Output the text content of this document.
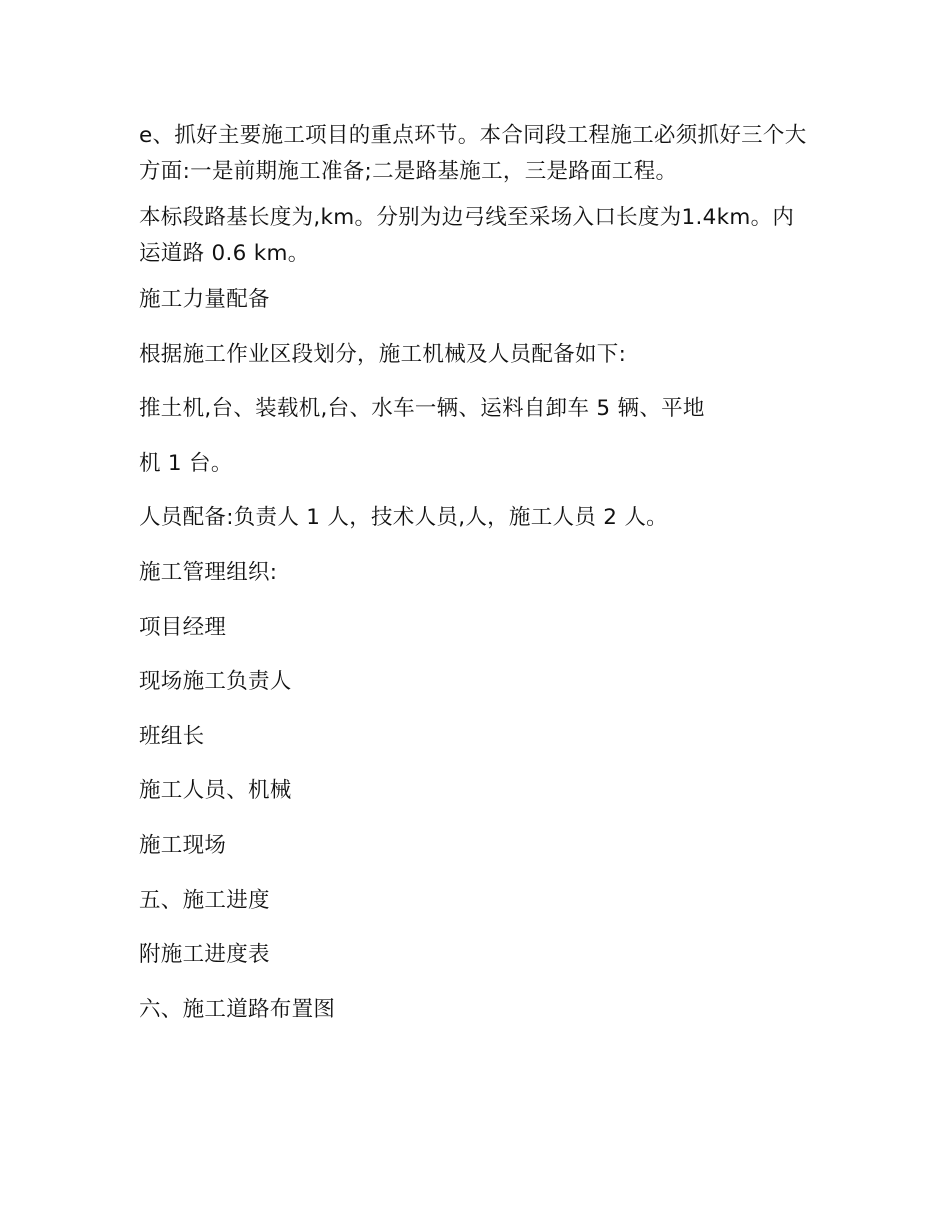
e、抓好主要施工项目的重点环节。本合同段工程施工必须抓好三个大方面:一是前期施工准备;二是路基施工，三是路面工程。

本标段路基长度为,km。分别为边弓线至采场入口长度为1.4km。内运道路 0.6 km。

施工力量配备

根据施工作业区段划分，施工机械及人员配备如下:

推土机,台、装载机,台、水车一辆、运料自卸车 5 辆、平地

机 1 台。

人员配备:负责人 1 人，技术人员,人，施工人员 2 人。

施工管理组织:

项目经理

现场施工负责人

班组长

施工人员、机械

施工现场

五、施工进度

附施工进度表

六、施工道路布置图
